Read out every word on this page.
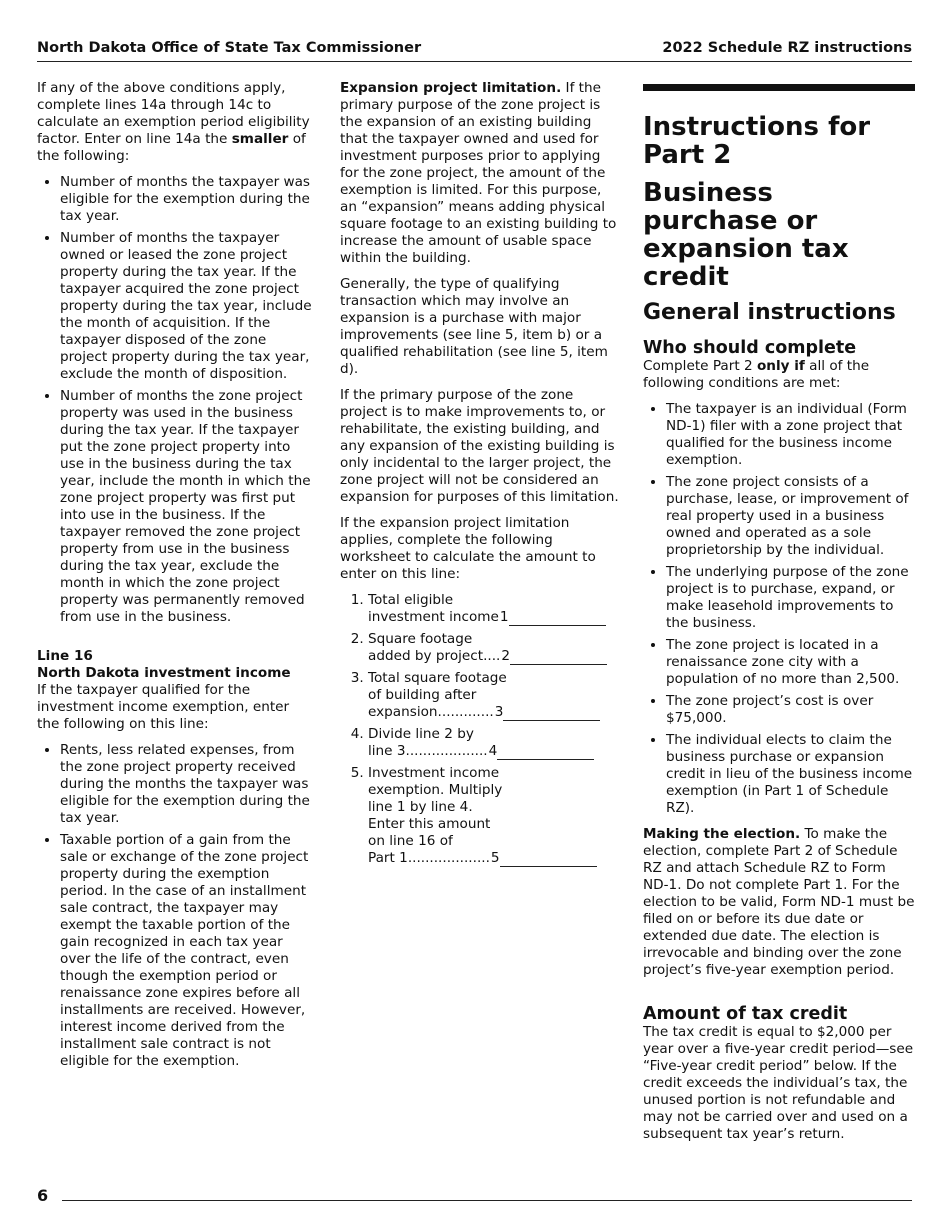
North Dakota Office of State Tax Commissioner	2022 Schedule RZ instructions

If any of the above conditions apply, complete lines 14a through 14c to calculate an exemption period eligibility factor. Enter on line 14a the smaller of the following:

• Number of months the taxpayer was eligible for the exemption during the tax year.
• Number of months the taxpayer owned or leased the zone project property during the tax year. If the taxpayer acquired the zone project property during the tax year, include the month of acquisition. If the taxpayer disposed of the zone project property during the tax year, exclude the month of disposition.
• Number of months the zone project property was used in the business during the tax year. If the taxpayer put the zone project property into use in the business during the tax year, include the month in which the zone project property was first put into use in the business. If the taxpayer removed the zone project property from use in the business during the tax year, exclude the month in which the zone project property was permanently removed from use in the business.
Line 16
North Dakota investment income

If the taxpayer qualified for the investment income exemption, enter the following on this line:

• Rents, less related expenses, from the zone project property received during the months the taxpayer was eligible for the exemption during the tax year.
• Taxable portion of a gain from the sale or exchange of the zone project property during the exemption period. In the case of an installment sale contract, the taxpayer may exempt the taxable portion of the gain recognized in each tax year over the life of the contract, even though the exemption period or renaissance zone expires before all installments are received. However, interest income derived from the installment sale contract is not eligible for the exemption.

Expansion project limitation. If the primary purpose of the zone project is the expansion of an existing building that the taxpayer owned and used for investment purposes prior to applying for the zone project, the amount of the exemption is limited. For this purpose, an “expansion” means adding physical square footage to an existing building to increase the amount of usable space within the building.

Generally, the type of qualifying transaction which may involve an expansion is a purchase with major improvements (see line 5, item b) or a qualified rehabilitation (see line 5, item d).

If the primary purpose of the zone project is to make improvements to, or rehabilitate, the existing building, and any expansion of the existing building is only incidental to the larger project, the zone project will not be considered an expansion for purposes of this limitation.

If the expansion project limitation applies, complete the following worksheet to calculate the amount to enter on this line:

1. Total eligible
investment income 1
2. Square footage
added by project .... 2
3. Total square footage of building after
expansion ............. 3
4. Divide line 2 by
line 3 ................... 4
5. Investment income exemption. Multiply line 1 by line 4. Enter this amount on line 16 of
Part 1 ................... 5
Instructions for Part 2
Business purchase or expansion tax credit
General instructions
Who should complete

Complete Part 2 only if all of the following conditions are met:

• The taxpayer is an individual (Form ND-1) filer with a zone project that qualified for the business income exemption.
• The zone project consists of a purchase, lease, or improvement of real property used in a business owned and operated as a sole proprietorship by the individual.
• The underlying purpose of the zone project is to purchase, expand, or make leasehold improvements to the business.
• The zone project is located in a renaissance zone city with a population of no more than 2,500.
• The zone project’s cost is over $75,000.
• The individual elects to claim the business purchase or expansion credit in lieu of the business income exemption (in Part 1 of Schedule RZ).

Making the election. To make the election, complete Part 2 of Schedule RZ and attach Schedule RZ to Form ND-1. Do not complete Part 1. For the election to be valid, Form ND-1 must be filed on or before its due date or extended due date. The election is irrevocable and binding over the zone project’s five-year exemption period.

Amount of tax credit

The tax credit is equal to $2,000 per year over a five-year credit period—see “Five-year credit period” below. If the credit exceeds the individual’s tax, the unused portion is not refundable and may not be carried over and used on a subsequent tax year’s return.

6
